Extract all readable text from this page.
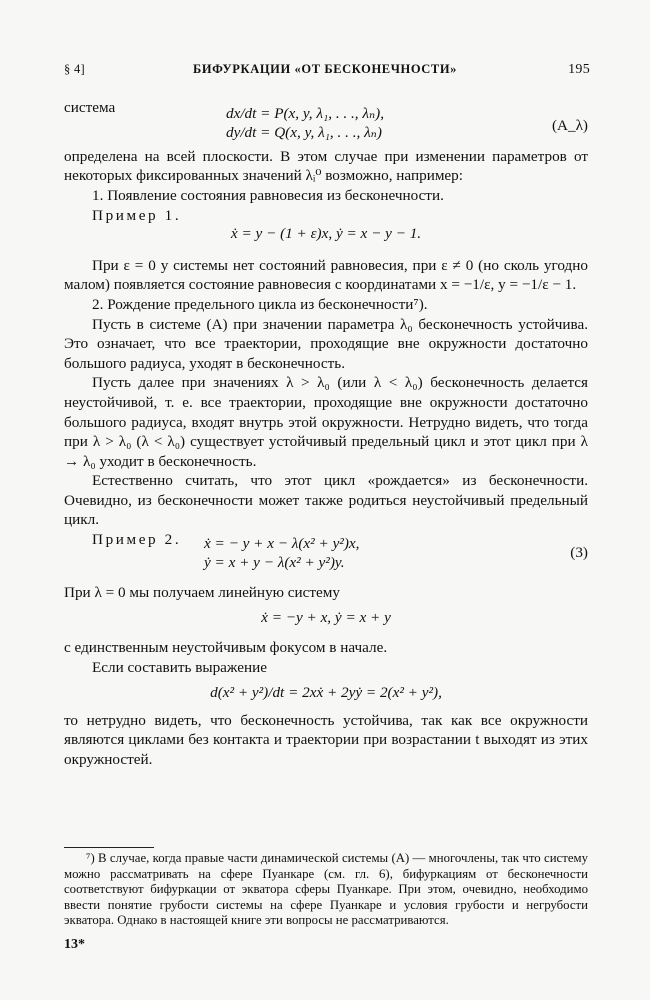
§ 4]	БИФУРКАЦИИ «ОТ БЕСКОНЕЧНОСТИ»	195

система	dx/dt = P(x, y, λ₁, . . ., λₙ),
dy/dt = Q(x, y, λ₁, . . ., λₙ)	(A_λ)

определена на всей плоскости. В этом случае при изменении параметров от некоторых фиксированных значений λᵢ⁰ возможно, например:

1. Появление состояния равновесия из бесконечности.

Пример 1.

ẋ = y − (1 + ε)x, ẏ = x − y − 1.

При ε = 0 у системы нет состояний равновесия, при ε ≠ 0 (но сколь угодно малом) появляется состояние равновесия с координатами x = −1/ε, y = −1/ε − 1.

2. Рождение предельного цикла из бесконечности⁷).

Пусть в системе (A) при значении параметра λ₀ бесконечность устойчива. Это означает, что все траектории, проходящие вне окружности достаточно большого радиуса, уходят в бесконечность.

Пусть далее при значениях λ > λ₀ (или λ < λ₀) бесконечность делается неустойчивой, т. е. все траектории, проходящие вне окружности достаточно большого радиуса, входят внутрь этой окружности. Нетрудно видеть, что тогда при λ > λ₀ (λ < λ₀) существует устойчивый предельный цикл и этот цикл при λ → λ₀ уходит в бесконечность.

Естественно считать, что этот цикл «рождается» из бесконечности. Очевидно, из бесконечности может также родиться неустойчивый предельный цикл.

Пример 2.	ẋ = − y + x − λ(x² + y²)x,
ẏ = x + y − λ(x² + y²)y.
(3)

При λ = 0 мы получаем линейную систему

ẋ = −y + x, ẏ = x + y

с единственным неустойчивым фокусом в начале.

Если составить выражение

d(x² + y²)/dt = 2xẋ + 2yẏ = 2(x² + y²),

то нетрудно видеть, что бесконечность устойчива, так как все окружности являются циклами без контакта и траектории при возрастании t выходят из этих окружностей.

⁷) В случае, когда правые части динамической системы (A) — многочлены, так что систему можно рассматривать на сфере Пуанкаре (см. гл. 6), бифуркациям от бесконечности соответствуют бифуркации от экватора сферы Пуанкаре. При этом, очевидно, необходимо ввести понятие грубости системы на сфере Пуанкаре и условия грубости и негрубости экватора. Однако в настоящей книге эти вопросы не рассматриваются.

13*
